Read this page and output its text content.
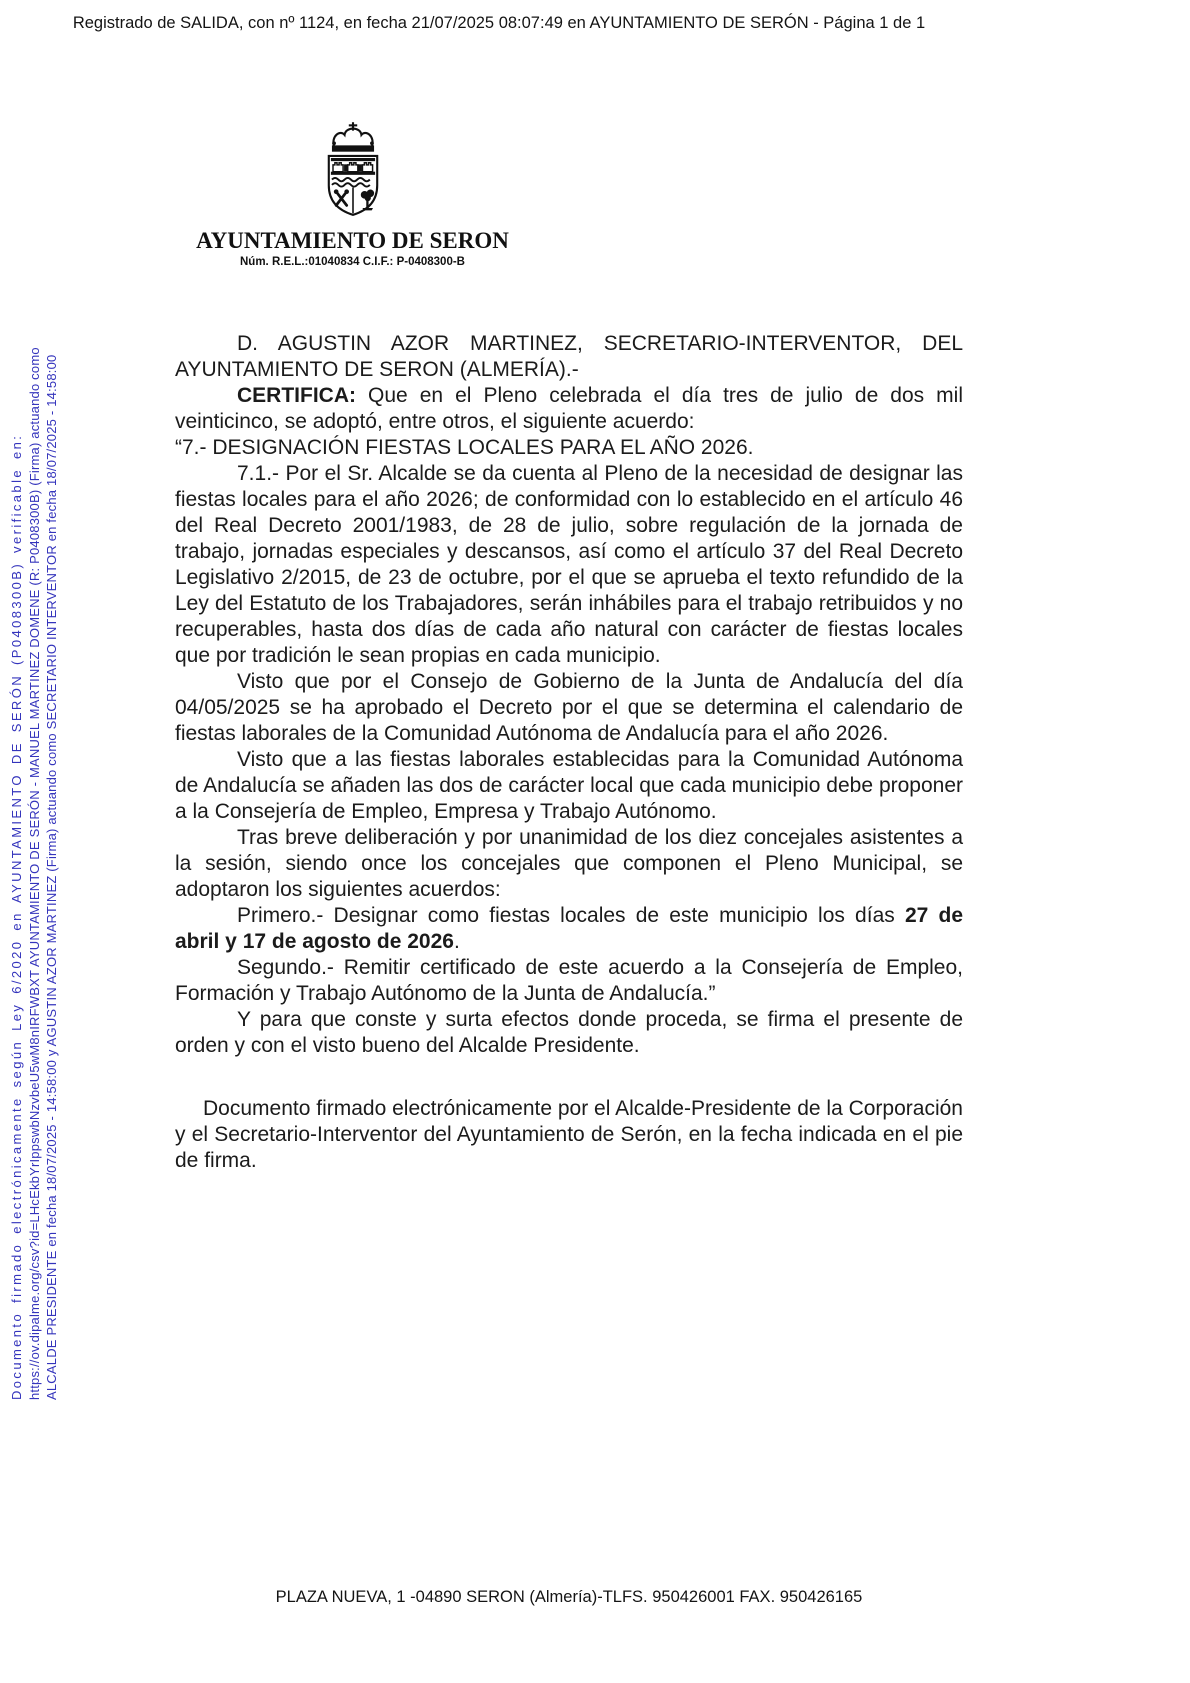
Registrado de SALIDA, con nº 1124, en fecha 21/07/2025 08:07:49 en AYUNTAMIENTO DE SERÓN - Página 1 de 1
Documento firmado electrónicamente según Ley 6/2020 en AYUNTAMIENTO DE SERÓN (P0408300B) verificable en: https://ov.dipalme.org/csv?id=LHcEkbYrIppswbNzvbeU5wM8nIRFWBXT AYUNTAMIENTO DE SERÓN - MANUEL MARTINEZ DOMENE (R: P0408300B) (Firma) actuando como ALCALDE PRESIDENTE en fecha 18/07/2025 - 14:58:00 y AGUSTIN AZOR MARTINEZ (Firma) actuando como SECRETARIO INTERVENTOR en fecha 18/07/2025 - 14:58:00
AYUNTAMIENTO DE SERON
Núm. R.E.L.:01040834 C.I.F.: P-0408300-B

D. AGUSTIN AZOR MARTINEZ, SECRETARIO-INTERVENTOR, DEL AYUNTAMIENTO DE SERON (ALMERÍA).-

CERTIFICA: Que en el Pleno celebrada el día tres de julio de dos mil veinticinco, se adoptó, entre otros, el siguiente acuerdo:

“7.- DESIGNACIÓN FIESTAS LOCALES PARA EL AÑO 2026.

7.1.- Por el Sr. Alcalde se da cuenta al Pleno de la necesidad de designar las fiestas locales para el año 2026; de conformidad con lo establecido en el artículo 46 del Real Decreto 2001/1983, de 28 de julio, sobre regulación de la jornada de trabajo, jornadas especiales y descansos, así como el artículo 37 del Real Decreto Legislativo 2/2015, de 23 de octubre, por el que se aprueba el texto refundido de la Ley del Estatuto de los Trabajadores, serán inhábiles para el trabajo retribuidos y no recuperables, hasta dos días de cada año natural con carácter de fiestas locales que por tradición le sean propias en cada municipio.

Visto que por el Consejo de Gobierno de la Junta de Andalucía del día 04/05/2025 se ha aprobado el Decreto por el que se determina el calendario de fiestas laborales de la Comunidad Autónoma de Andalucía para el año 2026.

Visto que a las fiestas laborales establecidas para la Comunidad Autónoma de Andalucía se añaden las dos de carácter local que cada municipio debe proponer a la Consejería de Empleo, Empresa y Trabajo Autónomo.

Tras breve deliberación y por unanimidad de los diez concejales asistentes a la sesión, siendo once los concejales que componen el Pleno Municipal, se adoptaron los siguientes acuerdos:

Primero.- Designar como fiestas locales de este municipio los días 27 de abril y 17 de agosto de 2026.

Segundo.- Remitir certificado de este acuerdo a la Consejería de Empleo, Formación y Trabajo Autónomo de la Junta de Andalucía.”

Y para que conste y surta efectos donde proceda, se firma el presente de orden y con el visto bueno del Alcalde Presidente.

Documento firmado electrónicamente por el Alcalde-Presidente de la Corporación y el Secretario-Interventor del Ayuntamiento de Serón, en la fecha indicada en el pie de firma.

PLAZA NUEVA, 1 -04890 SERON (Almería)-TLFS. 950426001 FAX. 950426165
